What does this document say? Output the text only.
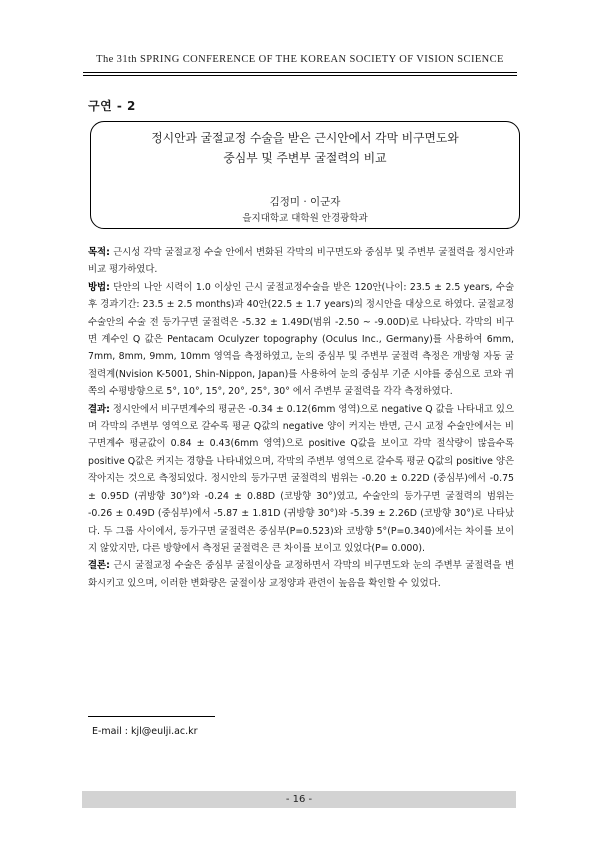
The 31th SPRING CONFERENCE OF THE KOREAN SOCIETY OF VISION SCIENCE
구연 - 2
정시안과 굴절교정 수술을 받은 근시안에서 각막 비구면도와
중심부 및 주변부 굴절력의 비교
김정미 · 이군자
을지대학교 대학원 안경광학과

목적: 근시성 각막 굴절교정 수술 안에서 변화된 각막의 비구면도와 중심부 및 주변부 굴절력을 정시안과 비교 평가하였다.

방법: 단안의 나안 시력이 1.0 이상인 근시 굴절교정수술을 받은 120안(나이: 23.5 ± 2.5 years, 수술 후 경과기간: 23.5 ± 2.5 months)과 40안(22.5 ± 1.7 years)의 정시안을 대상으로 하였다. 굴절교정 수술안의 수술 전 등가구면 굴절력은 -5.32 ± 1.49D(범위 -2.50 ~ -9.00D)로 나타났다. 각막의 비구면 계수인 Q 값은 Pentacam Oculyzer topography (Oculus Inc., Germany)를 사용하여 6mm, 7mm, 8mm, 9mm, 10mm 영역을 측정하였고, 눈의 중심부 및 주변부 굴절력 측정은 개방형 자동 굴절력계(Nvision K-5001, Shin-Nippon, Japan)를 사용하여 눈의 중심부 기준 시야를 중심으로 코와 귀쪽의 수평방향으로 5°, 10°, 15°, 20°, 25°, 30° 에서 주변부 굴절력을 각각 측정하였다.

결과: 정시안에서 비구면계수의 평균은 -0.34 ± 0.12(6mm 영역)으로 negative Q 값을 나타내고 있으며 각막의 주변부 영역으로 갈수록 평균 Q값의 negative 양이 커지는 반면, 근시 교정 수술안에서는 비구면계수 평균값이 0.84 ± 0.43(6mm 영역)으로 positive Q값을 보이고 각막 절삭량이 많을수록 positive Q값은 커지는 경향을 나타내었으며, 각막의 주변부 영역으로 갈수록 평균 Q값의 positive 양은 작아지는 것으로 측정되었다. 정시안의 등가구면 굴절력의 범위는 -0.20 ± 0.22D (중심부)에서 -0.75 ± 0.95D (귀방향 30°)와 -0.24 ± 0.88D (코방향 30°)였고, 수술안의 등가구면 굴절력의 범위는 -0.26 ± 0.49D (중심부)에서 -5.87 ± 1.81D (귀방향 30°)와 -5.39 ± 2.26D (코방향 30°)로 나타났다. 두 그룹 사이에서, 등가구면 굴절력은 중심부(P=0.523)와 코방향 5°(P=0.340)에서는 차이를 보이지 않았지만, 다른 방향에서 측정된 굴절력은 큰 차이를 보이고 있었다(P= 0.000).

결론: 근시 굴절교정 수술은 중심부 굴절이상을 교정하면서 각막의 비구면도와 눈의 주변부 굴절력을 변화시키고 있으며, 이러한 변화량은 굴절이상 교정양과 관련이 높음을 확인할 수 있었다.

E-mail : kjl@eulji.ac.kr
- 16 -
